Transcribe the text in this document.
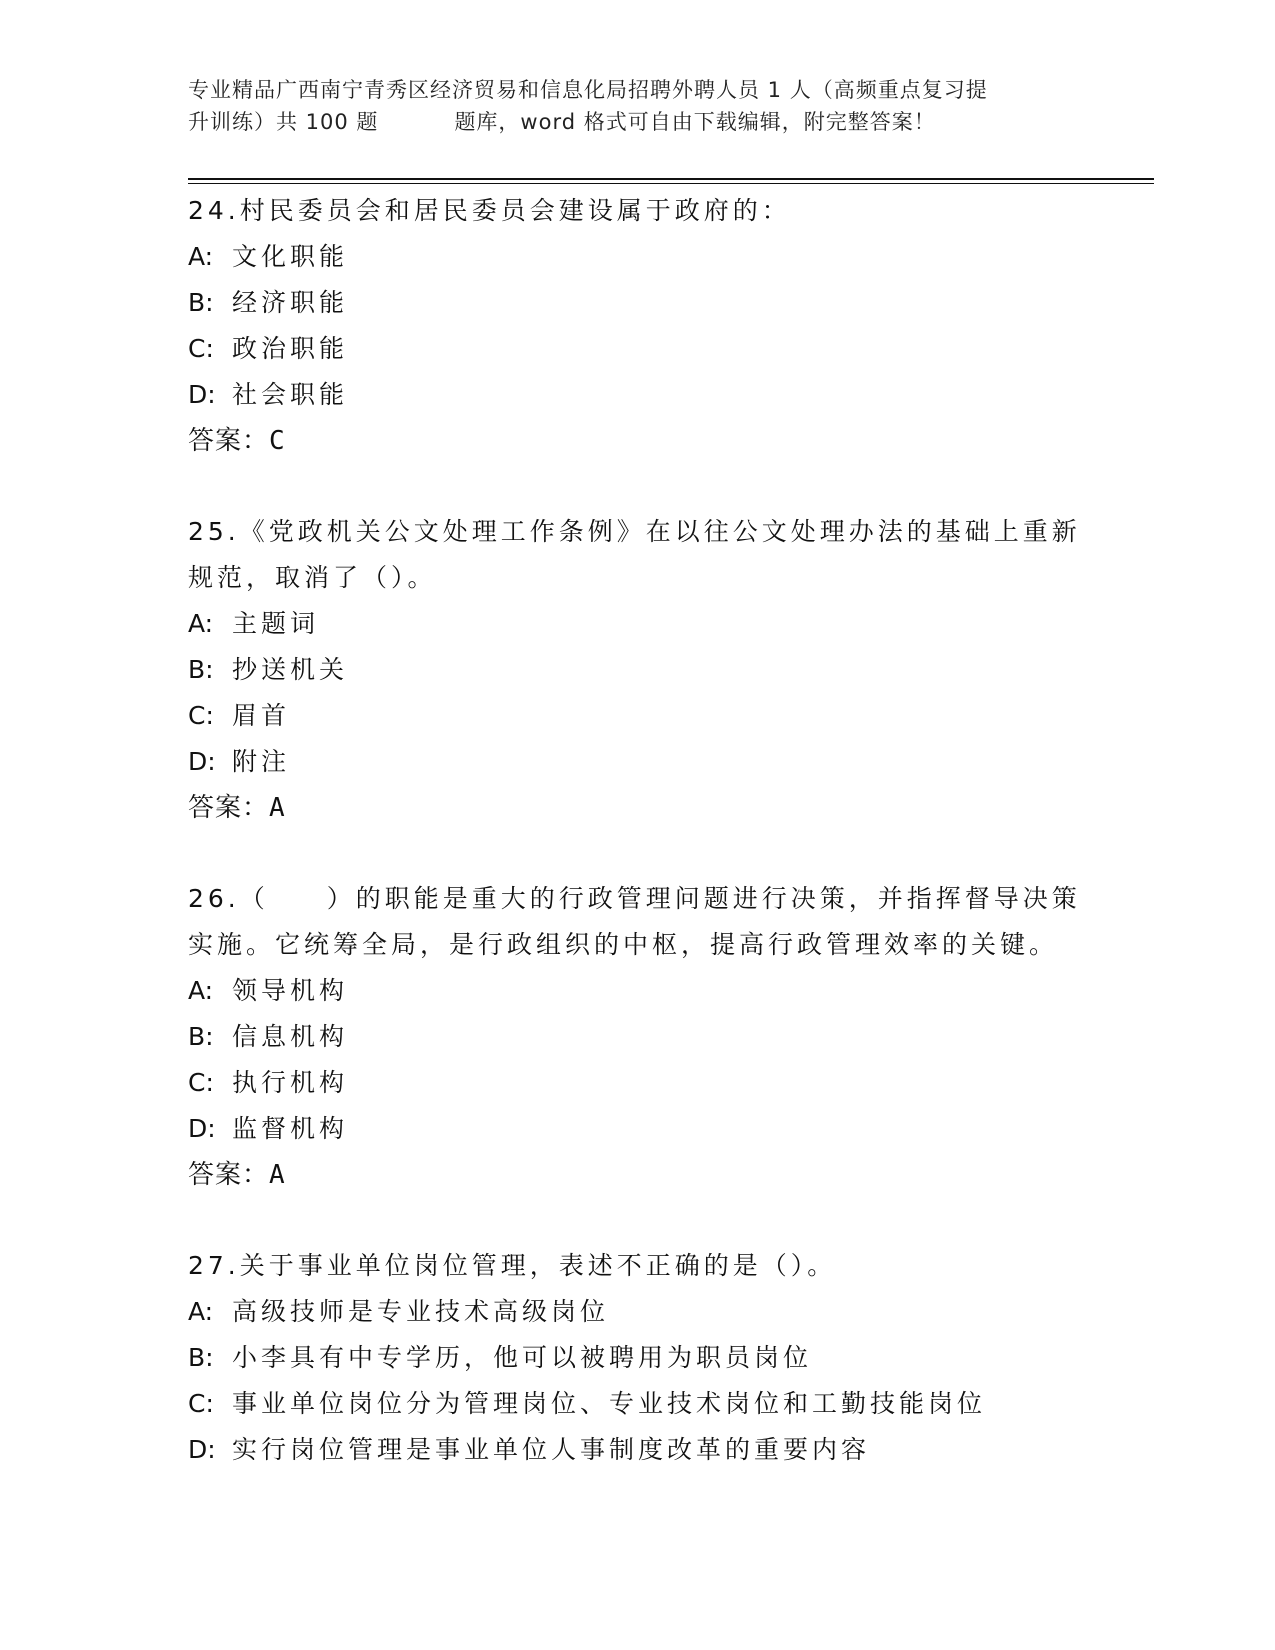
专业精品广西南宁青秀区经济贸易和信息化局招聘外聘人员 1 人（高频重点复习提
升训练）共 100 题	题库，word 格式可自由下载编辑，附完整答案！
24.村民委员会和居民委员会建设属于政府的：
A: 文化职能
B: 经济职能
C: 政治职能
D: 社会职能
答案：C
25.《党政机关公文处理工作条例》在以往公文处理办法的基础上重新
规范，取消了（）。
A: 主题词
B: 抄送机关
C: 眉首
D: 附注
答案：A
26.（　　）的职能是重大的行政管理问题进行决策，并指挥督导决策
实施。它统筹全局，是行政组织的中枢，提高行政管理效率的关键。
A: 领导机构
B: 信息机构
C: 执行机构
D: 监督机构
答案：A
27.关于事业单位岗位管理，表述不正确的是（）。
A: 高级技师是专业技术高级岗位
B: 小李具有中专学历，他可以被聘用为职员岗位
C: 事业单位岗位分为管理岗位、专业技术岗位和工勤技能岗位
D: 实行岗位管理是事业单位人事制度改革的重要内容
